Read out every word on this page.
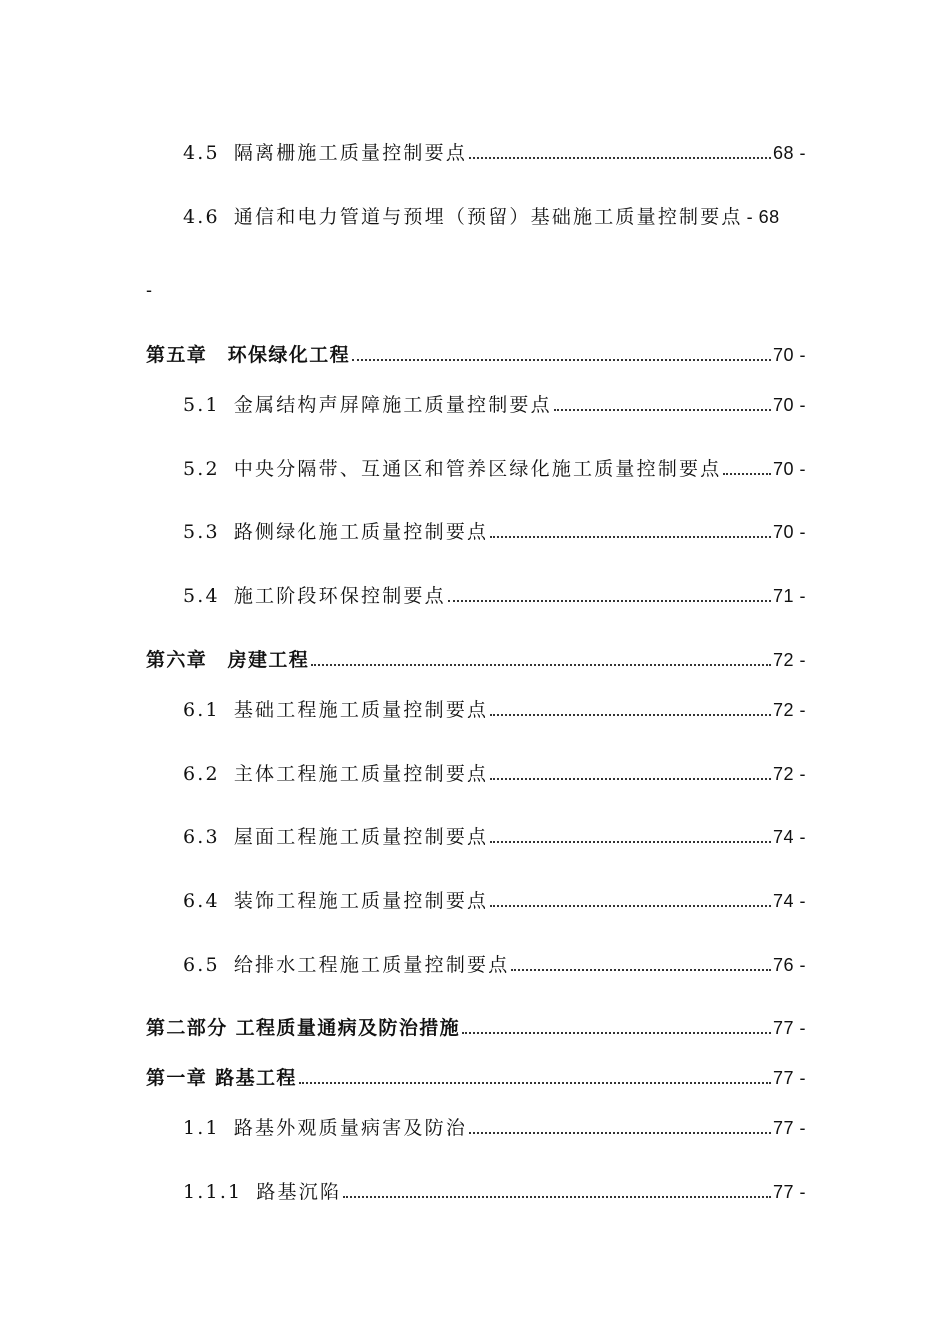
4.5 隔离栅施工质量控制要点	68 -
4.6 通信和电力管道与预埋（预留）基础施工质量控制要点 - 68
-
第五章　环保绿化工程	70 -
5.1 金属结构声屏障施工质量控制要点	70 -
5.2 中央分隔带、互通区和管养区绿化施工质量控制要点	70 -
5.3 路侧绿化施工质量控制要点	70 -
5.4 施工阶段环保控制要点	71 -
第六章　房建工程	72 -
6.1 基础工程施工质量控制要点	72 -
6.2 主体工程施工质量控制要点	72 -
6.3 屋面工程施工质量控制要点	74 -
6.4 装饰工程施工质量控制要点	74 -
6.5 给排水工程施工质量控制要点	76 -
第二部分 工程质量通病及防治措施	77 -
第一章 路基工程	77 -
1.1 路基外观质量病害及防治	77 -
1.1.1 路基沉陷	77 -
